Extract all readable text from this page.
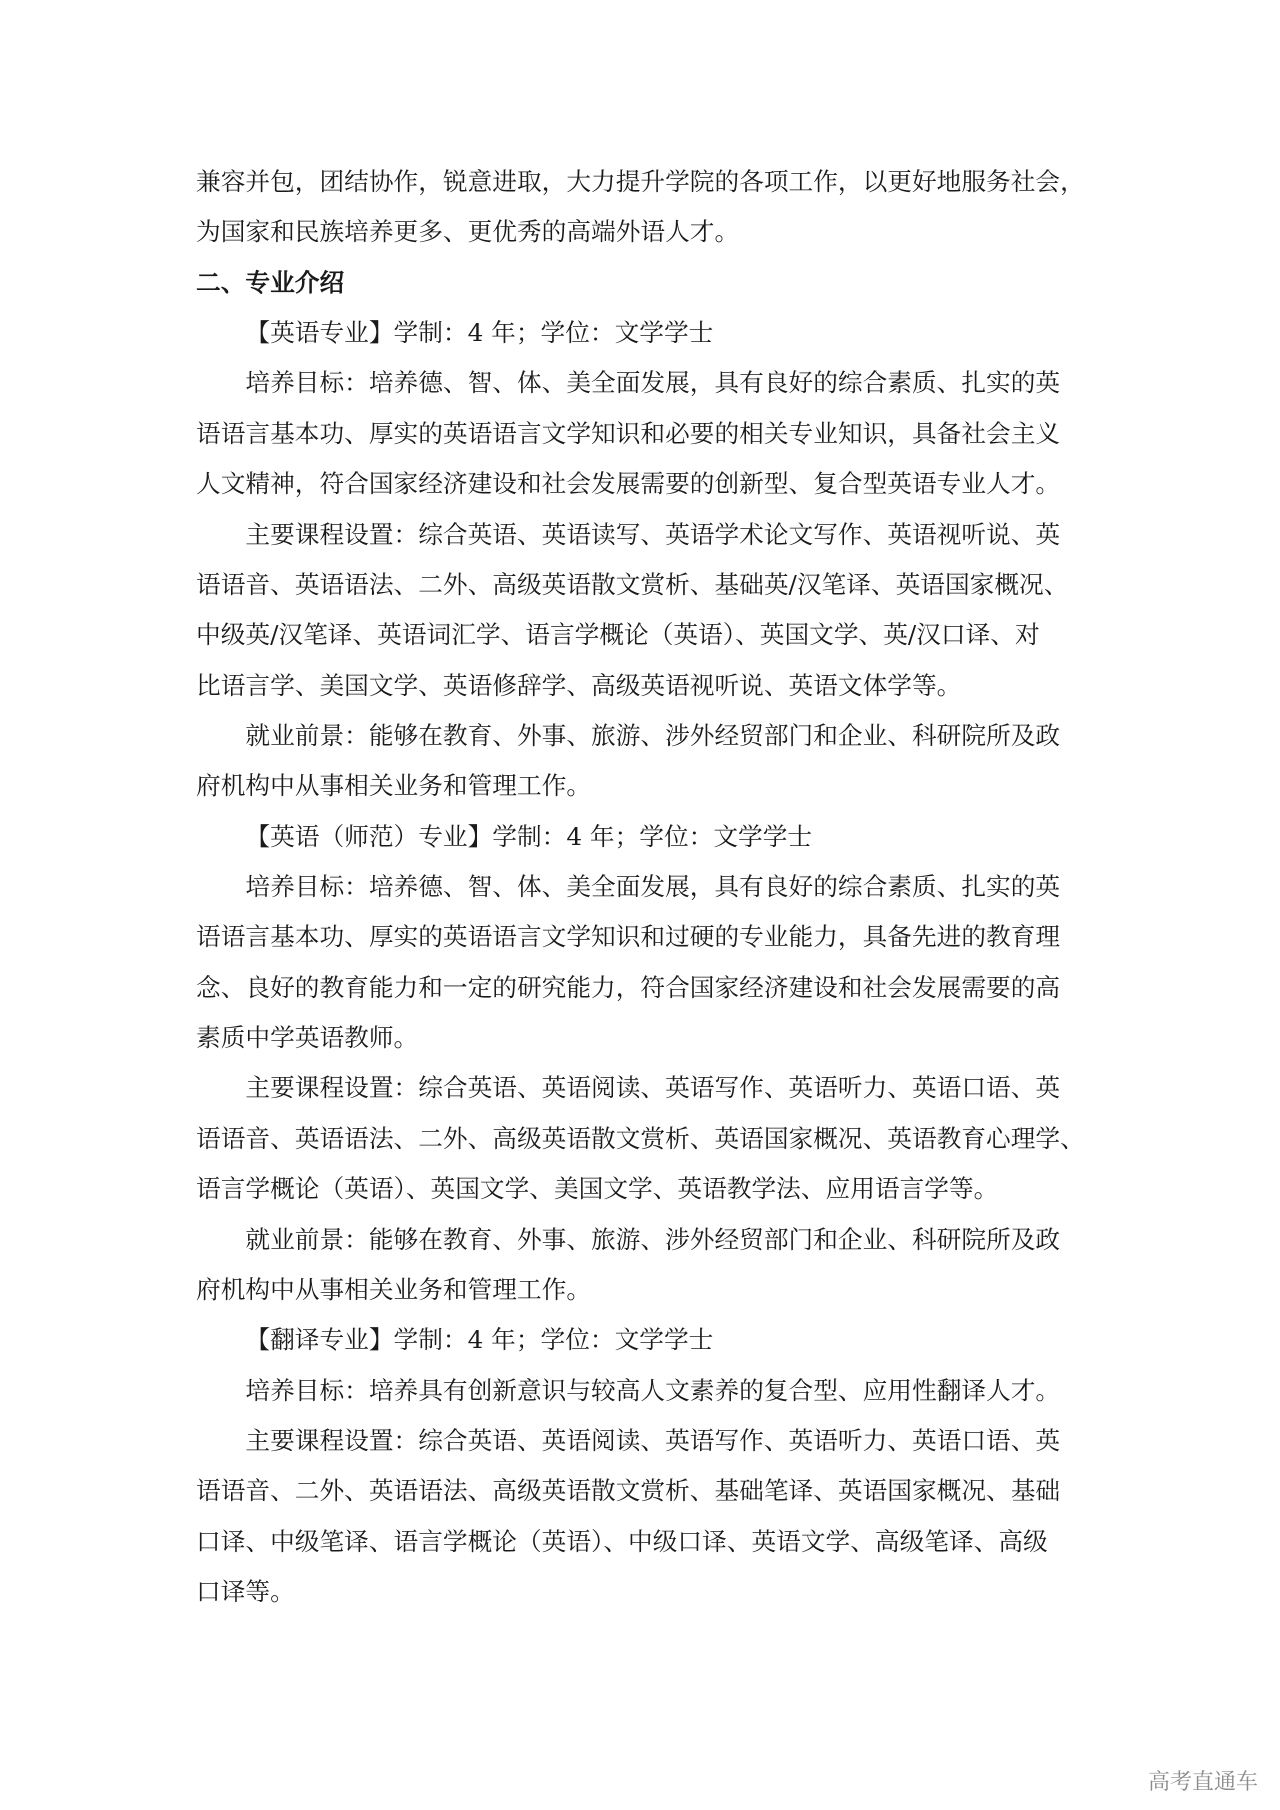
兼容并包，团结协作，锐意进取，大力提升学院的各项工作，以更好地服务社会，
为国家和民族培养更多、更优秀的高端外语人才。
二、专业介绍
【英语专业】学制：4 年；学位：文学学士
培养目标：培养德、智、体、美全面发展，具有良好的综合素质、扎实的英
语语言基本功、厚实的英语语言文学知识和必要的相关专业知识，具备社会主义
人文精神，符合国家经济建设和社会发展需要的创新型、复合型英语专业人才。
主要课程设置：综合英语、英语读写、英语学术论文写作、英语视听说、英
语语音、英语语法、二外、高级英语散文赏析、基础英/汉笔译、英语国家概况、
中级英/汉笔译、英语词汇学、语言学概论（英语）、英国文学、英/汉口译、对
比语言学、美国文学、英语修辞学、高级英语视听说、英语文体学等。
就业前景：能够在教育、外事、旅游、涉外经贸部门和企业、科研院所及政
府机构中从事相关业务和管理工作。
【英语（师范）专业】学制：4 年；学位：文学学士
培养目标：培养德、智、体、美全面发展，具有良好的综合素质、扎实的英
语语言基本功、厚实的英语语言文学知识和过硬的专业能力，具备先进的教育理
念、良好的教育能力和一定的研究能力，符合国家经济建设和社会发展需要的高
素质中学英语教师。
主要课程设置：综合英语、英语阅读、英语写作、英语听力、英语口语、英
语语音、英语语法、二外、高级英语散文赏析、英语国家概况、英语教育心理学、
语言学概论（英语）、英国文学、美国文学、英语教学法、应用语言学等。
就业前景：能够在教育、外事、旅游、涉外经贸部门和企业、科研院所及政
府机构中从事相关业务和管理工作。
【翻译专业】学制：4 年；学位：文学学士
培养目标：培养具有创新意识与较高人文素养的复合型、应用性翻译人才。
主要课程设置：综合英语、英语阅读、英语写作、英语听力、英语口语、英
语语音、二外、英语语法、高级英语散文赏析、基础笔译、英语国家概况、基础
口译、中级笔译、语言学概论（英语）、中级口译、英语文学、高级笔译、高级
口译等。
高考直通车
